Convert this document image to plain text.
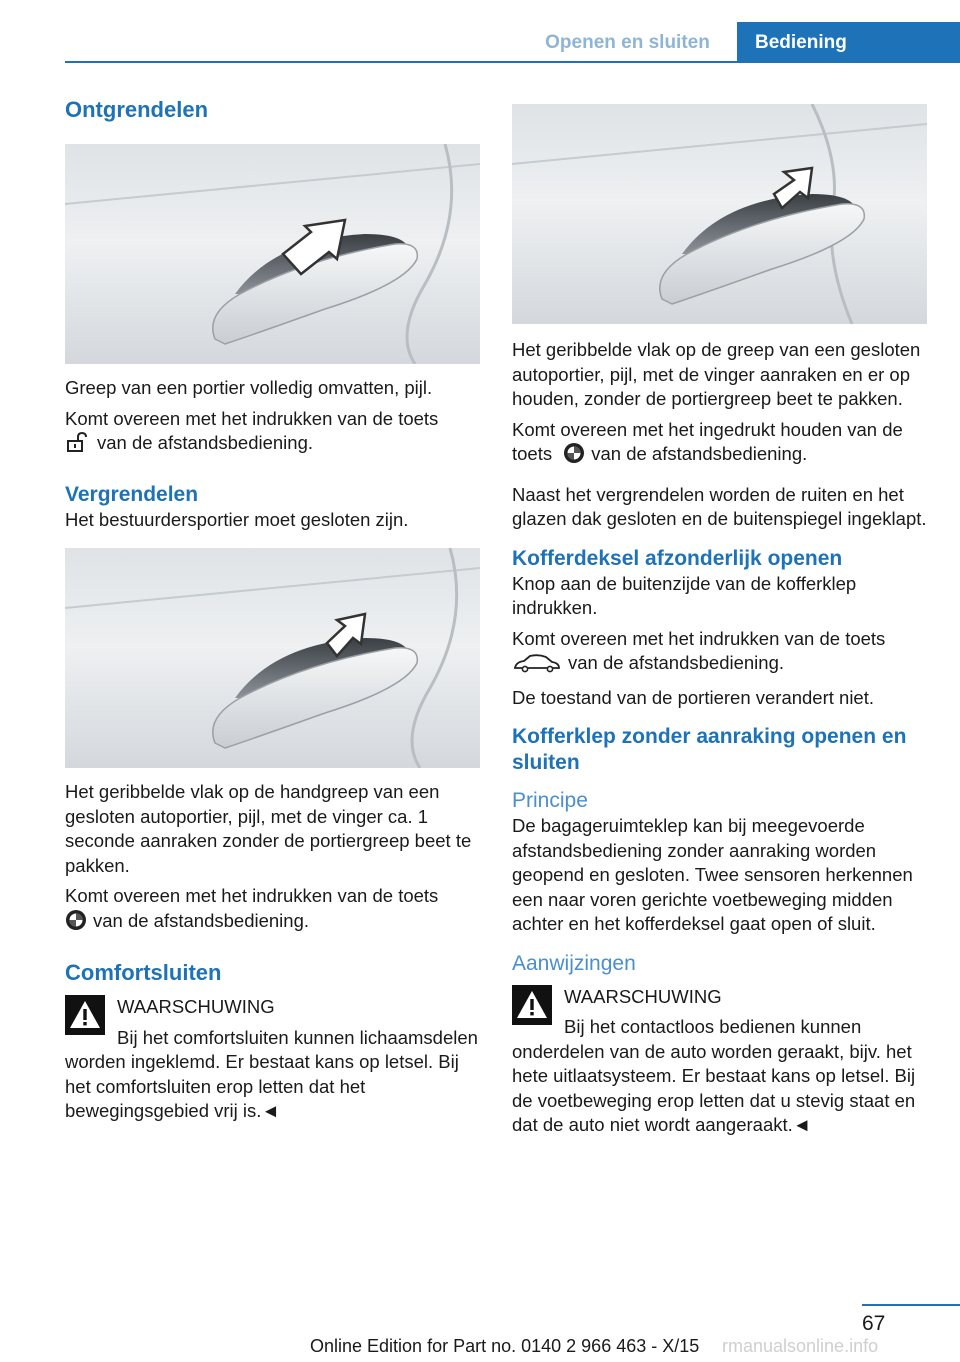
Openen en sluiten	Bediening
Ontgrendelen

Greep van een portier volledig omvatten, pijl.

Komt overeen met het indrukken van de toets
van de afstandsbediening.

Vergrendelen

Het bestuurdersportier moet gesloten zijn.

Het geribbelde vlak op de handgreep van een gesloten autoportier, pijl, met de vinger ca. 1 seconde aanraken zonder de portiergreep beet te pakken.

Komt overeen met het indrukken van de toets
van de afstandsbediening.

Comfortsluiten
WAARSCHUWING

Bij het comfortsluiten kunnen lichaamsdelen worden ingeklemd. Er bestaat kans op letsel. Bij het comfortsluiten erop letten dat het bewegingsgebied vrij is.◄

Het geribbelde vlak op de greep van een gesloten autoportier, pijl, met de vinger aanraken en er op houden, zonder de portiergreep beet te pakken.

Komt overeen met het ingedrukt houden van de toets van de afstandsbediening.

Naast het vergrendelen worden de ruiten en het glazen dak gesloten en de buitenspiegel ingeklapt.

Kofferdeksel afzonderlijk openen

Knop aan de buitenzijde van de kofferklep indrukken.

Komt overeen met het indrukken van de toets
van de afstandsbediening.

De toestand van de portieren verandert niet.

Kofferklep zonder aanraking openen en sluiten
Principe

De bagageruimteklep kan bij meegevoerde afstandsbediening zonder aanraking worden geopend en gesloten. Twee sensoren herkennen een naar voren gerichte voetbeweging midden achter en het kofferdeksel gaat open of sluit.

Aanwijzingen
WAARSCHUWING

Bij het contactloos bedienen kunnen onderdelen van de auto worden geraakt, bijv. het hete uitlaatsysteem. Er bestaat kans op letsel. Bij de voetbeweging erop letten dat u stevig staat en dat de auto niet wordt aangeraakt.◄

67
Online Edition for Part no. 0140 2 966 463 - X/15 rmanualsonline.info
